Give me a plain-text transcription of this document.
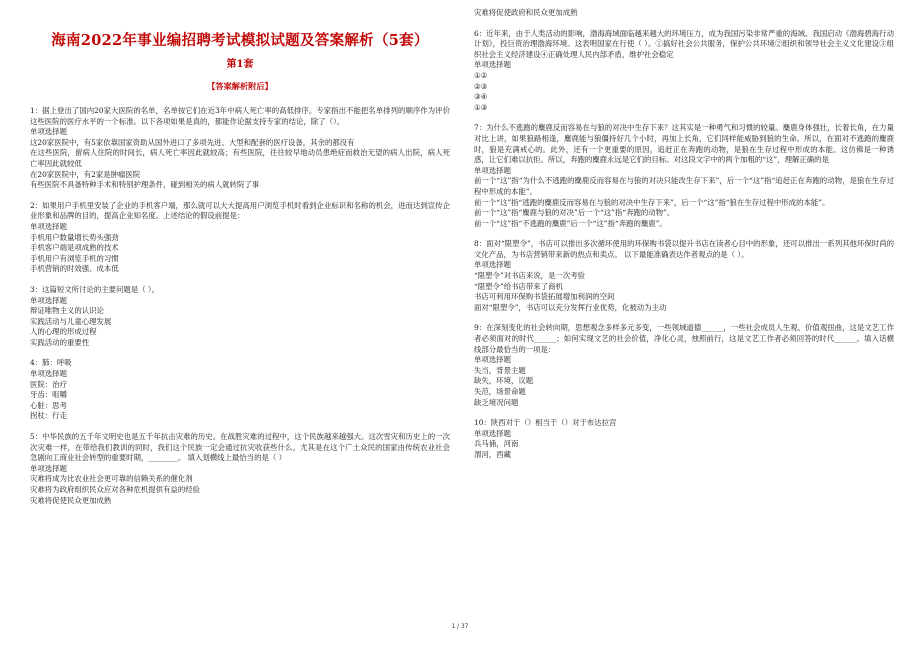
海南2022年事业编招聘考试模拟试题及答案解析（5套）
第1套
【答案解析附后】

1：据上登出了国内20家大医院的名单，名单按它们在近3年中病人死亡率的高低排序。专家指出不能把名单排列的顺序作为评价这些医院的医疗水平的一个标准。以下各项如果是真的，都能作论据支持专家的结论，除了（）。

单项选择题

这20家医院中，有5家依靠国家资助从国外进口了多项先进、大型和配套的医疗设备，其余的都没有

在这些医院，留病人住院的时间长，病人死亡率因此就较高；有些医院，往往较早地动员患绝症而救治无望的病人出院，病人死亡率因此就较低

在20家医院中，有2家是肿瘤医院

有些医院不具备特种手术和特别护理条件，碰到相关的病人就转院了事

2：如果用户手机里安装了企业的手机客户端，那么就可以大大提高用户浏览手机时看到企业标识和名称的机会，进而达到宣传企业形象和品牌的目的，提高企业知名度。上述结论的假设前提是：

单项选择题

手机用户数量增长势头强劲

手机客户端是项成熟的技术

手机用户有浏览手机的习惯

手机营销的时效强、成本低

3：这篇短文所讨论的主要问题是（ ）。

单项选择题

辩证唯物主义的认识论

实践活动与儿童心理发展

人的心理的形成过程

实践活动的重要性

4：肺：呼吸

单项选择题

医院：治疗

牙齿：咀嚼

心脏：思考

拐杖：行走

5：中华民族的五千年文明史也是五千年抗击灾难的历史。在战胜灾难的过程中，这个民族越来越强大。这次雪灾和历史上的一次次灾难一样，在带给我们教训的同时，我们这个民族一定会通过抗灾收获些什么。尤其是在这个广土众民的国家由传统农业社会急剧向工商业社会转型的重要时期，________。 填入划横线上最恰当的是（ ）

单项选择题

灾难将成为比农业社会更可靠的信赖关系的催化剂

灾难将为政府组织民众应对各种危机提供有益的经验

灾难将促使民众更加成熟

灾难将促使政府和民众更加成熟

6：近年来，由于人类活动的影响，渤海海域面临越来越大的环境压力，成为我国污染非常严重的海域。我国启动《渤海碧海行动计划》，投巨资治理渤海环境。这表明国家在行使（ ）。①搞好社会公共服务，保护公共环境②组织和领导社会主义文化建设③组织社会主义经济建设④正确处理人民内部矛盾，维护社会稳定

单项选择题

①②

②③

③④

①③

7：为什么不逃跑的麋鹿反而容易在与狼的对决中生存下来？这其实是一种勇气和习惯的较量。麋鹿身体强壮，长着长角，在力量对比上讲，如果狼路相逢，麋鹿能与狼僵持好几个小时，再加上长角，它们同样能威胁到狼的生命。所以，在面对不逃跑的麋鹿时，狼是充满戒心的。此外，还有一个更重要的原因，追赶正在奔跑的动物，是狼在生存过程中形成的本能。这仿佛是一种诱惑，让它们难以抗拒。所以，奔跑的麋鹿永远是它们的目标。对这段文字中的两个加粗的“这”，理解正确的是

单项选择题

前一个“这”指“为什么不逃跑的麋鹿反而容易在与狼的对决只能改生存下来”，后一个“这”指“追赶正在奔跑的动物，是狼在生存过程中形成的本能”。

前一个“这”指“逃跑的麋鹿反而容易在与狼的对决中生存下来”，后一个“这”指“狼在生存过程中形成的本能”。

前一个“这”指“麋鹿与狼的对决”后一个“这”指“奔跑的动物”。

前一个“这”指“不逃跑的麋鹿”后一个“这”指“奔跑的麋鹿”。

8：面对“限塑令”，书店可以推出多次循环使用的环保购书袋以提升书店在读者心目中的形象，还可以推出一系列其他环保时尚的文化产品，为书店营销带来新的热点和卖点。 以下最能准确表达作者观点的是（ ）。

单项选择题

“限塑令”对书店来说，是一次考验

“限塑令”给书店带来了商机

书店可利用环保购书袋拓展增加利润的空间

面对“限塑令”，书店可以充分发挥行业优势，化被动为主动

9：在深刻变化的社会转向期，思想观念多样多元多变，一些领域道德______，一些社会成员人生观、价值观扭曲，这是文艺工作者必须面对的时代______；如何实现文艺的社会价值，净化心灵，烛照前行，这是文艺工作者必须回答的时代______。填入话横线部分最恰当的一项是：

单项选择题

失当，背景主题

缺失，环境，议题

失范，场景命题

缺乏境况问题

10：陕西对于（）相当于（）对于布达拉宫

单项选择题

兵马俑，河南

渭河，西藏

1 / 37
